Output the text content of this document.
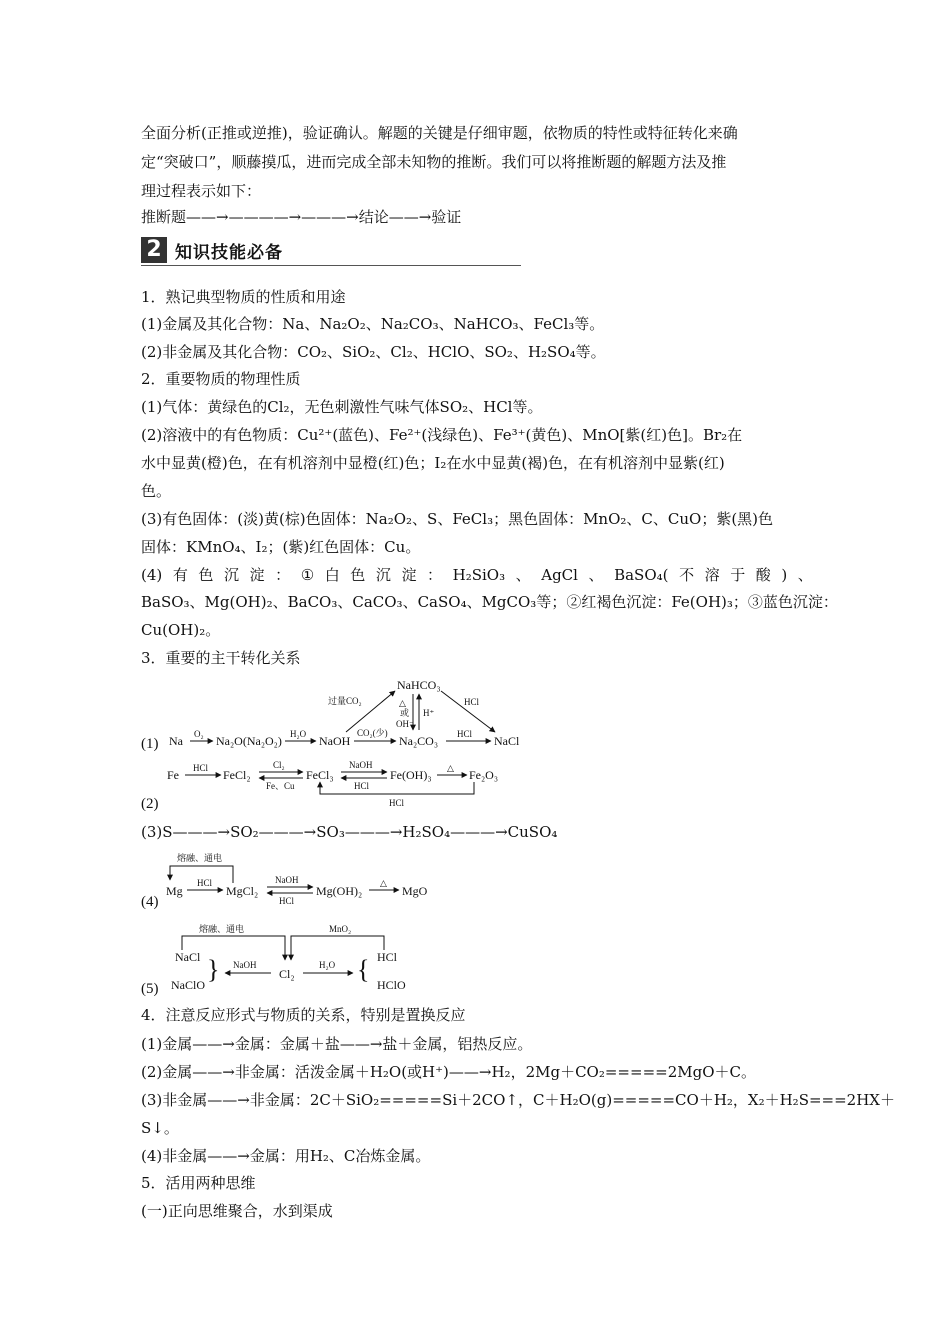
全面分析(正推或逆推)，验证确认。解题的关键是仔细审题，依物质的特性或特征转化来确
定“突破口”，顺藤摸瓜，进而完成全部未知物的推断。我们可以将推断题的解题方法及推
理过程表示如下：
推断题——→————→———→结论——→验证
2 知识技能必备
1．熟记典型物质的性质和用途
(1)金属及其化合物：Na、Na₂O₂、Na₂CO₃、NaHCO₃、FeCl₃等。
(2)非金属及其化合物：CO₂、SiO₂、Cl₂、HClO、SO₂、H₂SO₄等。
2．重要物质的物理性质
(1)气体：黄绿色的Cl₂，无色刺激性气味气体SO₂、HCl等。
(2)溶液中的有色物质：Cu²⁺(蓝色)、Fe²⁺(浅绿色)、Fe³⁺(黄色)、MnO[紫(红)色]。Br₂在
水中显黄(橙)色，在有机溶剂中显橙(红)色；I₂在水中显黄(褐)色，在有机溶剂中显紫(红)
色。
(3)有色固体：(淡)黄(棕)色固体：Na₂O₂、S、FeCl₃；黑色固体：MnO₂、C、CuO；紫(黑)色
固体：KMnO₄、I₂；(紫)红色固体：Cu。
(4) 有 色 沉 淀 ： ① 白 色 沉 淀 ： H₂SiO₃ 、 AgCl 、 BaSO₄( 不 溶 于 酸 ) 、
BaSO₃、Mg(OH)₂、BaCO₃、CaCO₃、CaSO₄、MgCO₃等；②红褐色沉淀：Fe(OH)₃；③蓝色沉淀：
Cu(OH)₂。
3．重要的主干转化关系
(1) Na O₂ Na₂O(Na₂O₂) H₂O NaOH
CO₂(少)
Na₂CO₃ HCl NaCl
NaHCO₃
过量CO₂	△
或
OH⁻
H⁺
HCl
(2)
Fe HCl FeCl₂
Cl₂
Fe、Cu
FeCl₃
NaOH
HCl
Fe(OH)₃ △ Fe₂O₃
HCl
(3)S———→SO₂———→SO₃———→H₂SO₄———→CuSO₄
(4)
熔融、通电
Mg
HCl
MgCl₂
NaOH
HCl
Mg(OH)₂
△
MgO
(5)
熔融、通电	MnO₂
NaCl
NaClO
} NaOH
Cl₂
H₂O { HCl
HClO
4．注意反应形式与物质的关系，特别是置换反应
(1)金属——→金属：金属＋盐——→盐＋金属，铝热反应。
(2)金属——→非金属：活泼金属＋H₂O(或H⁺)——→H₂，2Mg＋CO₂=====2MgO＋C。
(3)非金属——→非金属：2C＋SiO₂=====Si＋2CO↑，C＋H₂O(g)=====CO＋H₂，X₂＋H₂S===2HX＋
S↓。
(4)非金属——→金属：用H₂、C冶炼金属。
5．活用两种思维
(一)正向思维聚合，水到渠成
